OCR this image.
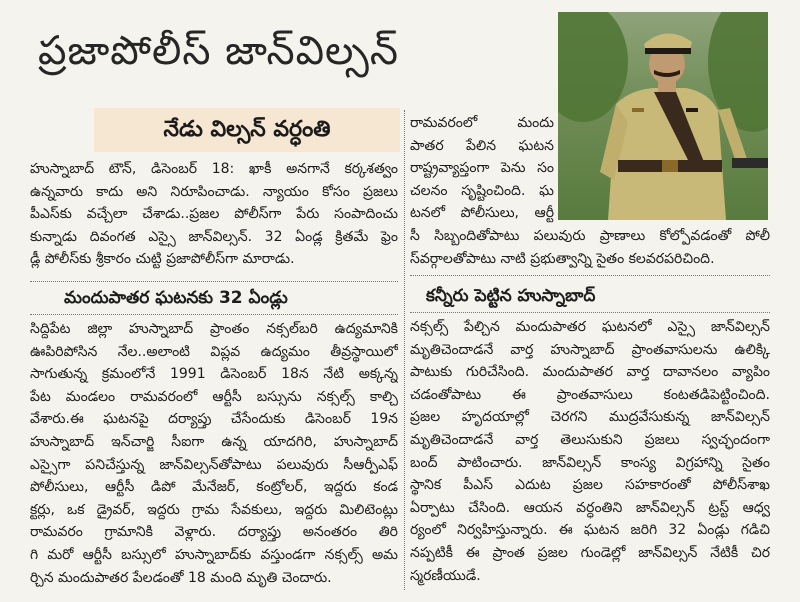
ప్రజాపోలీస్ జాన్‌విల్సన్
నేడు విల్సన్ వర్ధంతి
హుస్నాబాద్ టౌన్, డిసెంబర్ 18: ఖాకీ అనగానే కర్కశత్వం
ఉన్నవారు కాదు అని నిరూపించాడు. న్యాయం కోసం ప్రజలు
పీఎస్‌కు వచ్చేలా చేశాడు..ప్రజల పోలీస్‌గా పేరు సంపాదించు
కున్నాడు దివంగత ఎస్సై జాన్‌విల్సన్. 32 ఏండ్ల క్రితమే ఫ్రెం
డ్లీ పోలీస్‌కు శ్రీకారం చుట్టి ప్రజాపోలీస్‌గా మారాడు.
మందుపాతర ఘటనకు 32 ఏండ్లు
సిద్దిపేట జిల్లా హుస్నాబాద్ ప్రాంతం నక్సల్‌బరి ఉద్యమానికి
ఊపిరిపోసిన నేల..అలాంటి విప్లవ ఉద్యమం తీవ్రస్థాయిలో
సాగుతున్న క్రమంలోనే 1991 డిసెంబర్ 18న నేటి అక్కన్న
పేట మండలం రామవరంలో ఆర్టీసీ బస్సును నక్సల్స్ కాల్చి
వేశారు.ఈ ఘటనపై దర్యాప్తు చేసేందుకు డిసెంబర్ 19న
హుస్నాబాద్ ఇన్‌చార్జి సీఐగా ఉన్న యాదగిరి, హుస్నాబాద్
ఎస్సైగా పనిచేస్తున్న జాన్‌విల్సన్‌తోపాటు పలువురు సీఆర్పీఎఫ్
పోలీసులు, ఆర్టీసీ డిపో మేనేజర్, కంట్రోలర్, ఇద్దరు కండ
క్టర్లు, ఒక డ్రైవర్, ఇద్దరు గ్రామ సేవకులు, ఇద్దరు మిలిటెంట్లు
రామవరం గ్రామానికి వెళ్లారు. దర్యాప్తు అనంతరం తిరి
గి మరో ఆర్టీసీ బస్సులో హుస్నాబాద్‌కు వస్తుండగా నక్సల్స్ అమ
ర్చిన మందుపాతర పేలడంతో 18 మంది మృతి చెందారు.
రామవరంలో మందు
పాతర పేలిన ఘటన
రాష్ట్రవ్యాప్తంగా పెను సం
చలనం సృష్టించింది. ఘ
టనలో పోలీసులు, ఆర్టీ
సీ సిబ్బందితోపాటు పలువురు ప్రాణాలు కోల్పోవడంతో పోలీ
స్‌వర్గాలతోపాటు నాటి ప్రభుత్వాన్ని సైతం కలవరపరిచింది.
కన్నీరు పెట్టిన హుస్నాబాద్
నక్సల్స్ పేల్చిన మందుపాతర ఘటనలో ఎస్సై జాన్‌విల్సన్
మృతిచెందాడనే వార్త హుస్నాబాద్ ప్రాంతవాసులను ఉలిక్కి
పాటుకు గురిచేసింది. మందుపాతర వార్త దావానలం వ్యాపిం
చడంతోపాటు ఈ ప్రాంతవాసులు కంటతడిపెట్టించింది.
ప్రజల హృదయాల్లో చెరగని ముద్రవేసుకున్న జాన్‌విల్సన్
మృతిచెందాడనే వార్త తెలుసుకుని ప్రజలు స్వచ్ఛందంగా
బంద్ పాటించారు. జాన్‌విల్సన్ కాంస్య విగ్రహాన్ని సైతం
స్థానిక పీఎస్ ఎదుట ప్రజల సహకారంతో పోలీస్‌శాఖ
ఏర్పాటు చేసింది. ఆయన వర్ధంతిని జాన్‌విల్సన్ ట్రస్ట్ ఆధ్వ
ర్యంలో నిర్వహిస్తున్నారు. ఈ ఘటన జరిగి 32 ఏండ్లు గడిచి
నప్పటికీ ఈ ప్రాంత ప్రజల గుండెల్లో జాన్‌విల్సన్ నేటికీ చిర
స్మరణీయుడే.
